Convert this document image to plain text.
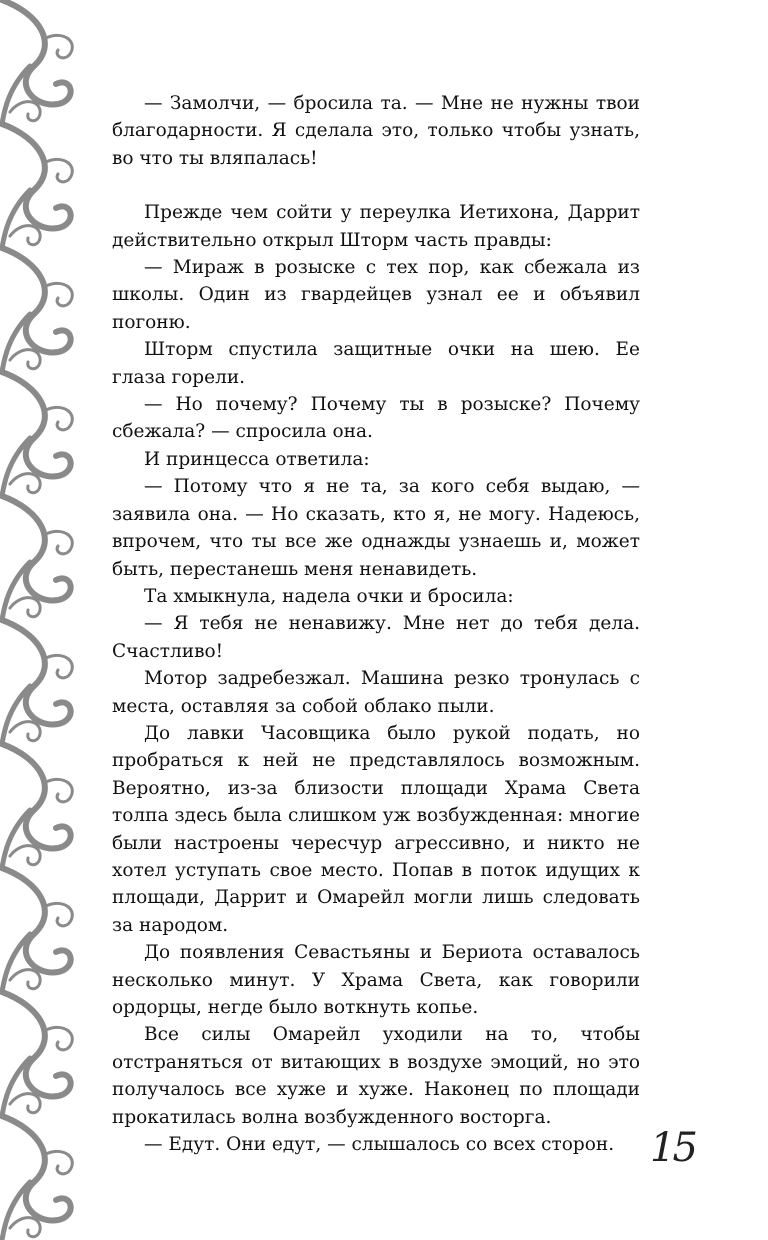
— Замолчи, — бросила та. — Мне не нужны твои благодарности. Я сделала это, только чтобы узнать, во что ты вляпалась!

Прежде чем сойти у переулка Иетихона, Даррит действительно открыл Шторм часть правды:

— Мираж в розыске с тех пор, как сбежала из школы. Один из гвардейцев узнал ее и объявил погоню.

Шторм спустила защитные очки на шею. Ее глаза горели.

— Но почему? Почему ты в розыске? Почему сбежала? — спросила она.

И принцесса ответила:

— Потому что я не та, за кого себя выдаю, — заявила она. — Но сказать, кто я, не могу. Надеюсь, впрочем, что ты все же однажды узнаешь и, может быть, перестанешь меня ненавидеть.

Та хмыкнула, надела очки и бросила:

— Я тебя не ненавижу. Мне нет до тебя дела. Счастливо!

Мотор задребезжал. Машина резко тронулась с места, оставляя за собой облако пыли.

До лавки Часовщика было рукой подать, но пробраться к ней не представлялось возможным. Вероятно, из-за близости площади Храма Света толпа здесь была слишком уж возбужденная: многие были настроены чересчур агрессивно, и никто не хотел уступать свое место. Попав в поток идущих к площади, Даррит и Омарейл могли лишь следовать за народом.

До появления Севастьяны и Бериота оставалось несколько минут. У Храма Света, как говорили ордорцы, негде было воткнуть копье.

Все силы Омарейл уходили на то, чтобы отстраняться от витающих в воздухе эмоций, но это получалось все хуже и хуже. Наконец по площади прокатилась волна возбужденного восторга.

— Едут. Они едут, — слышалось со всех сторон. 15
